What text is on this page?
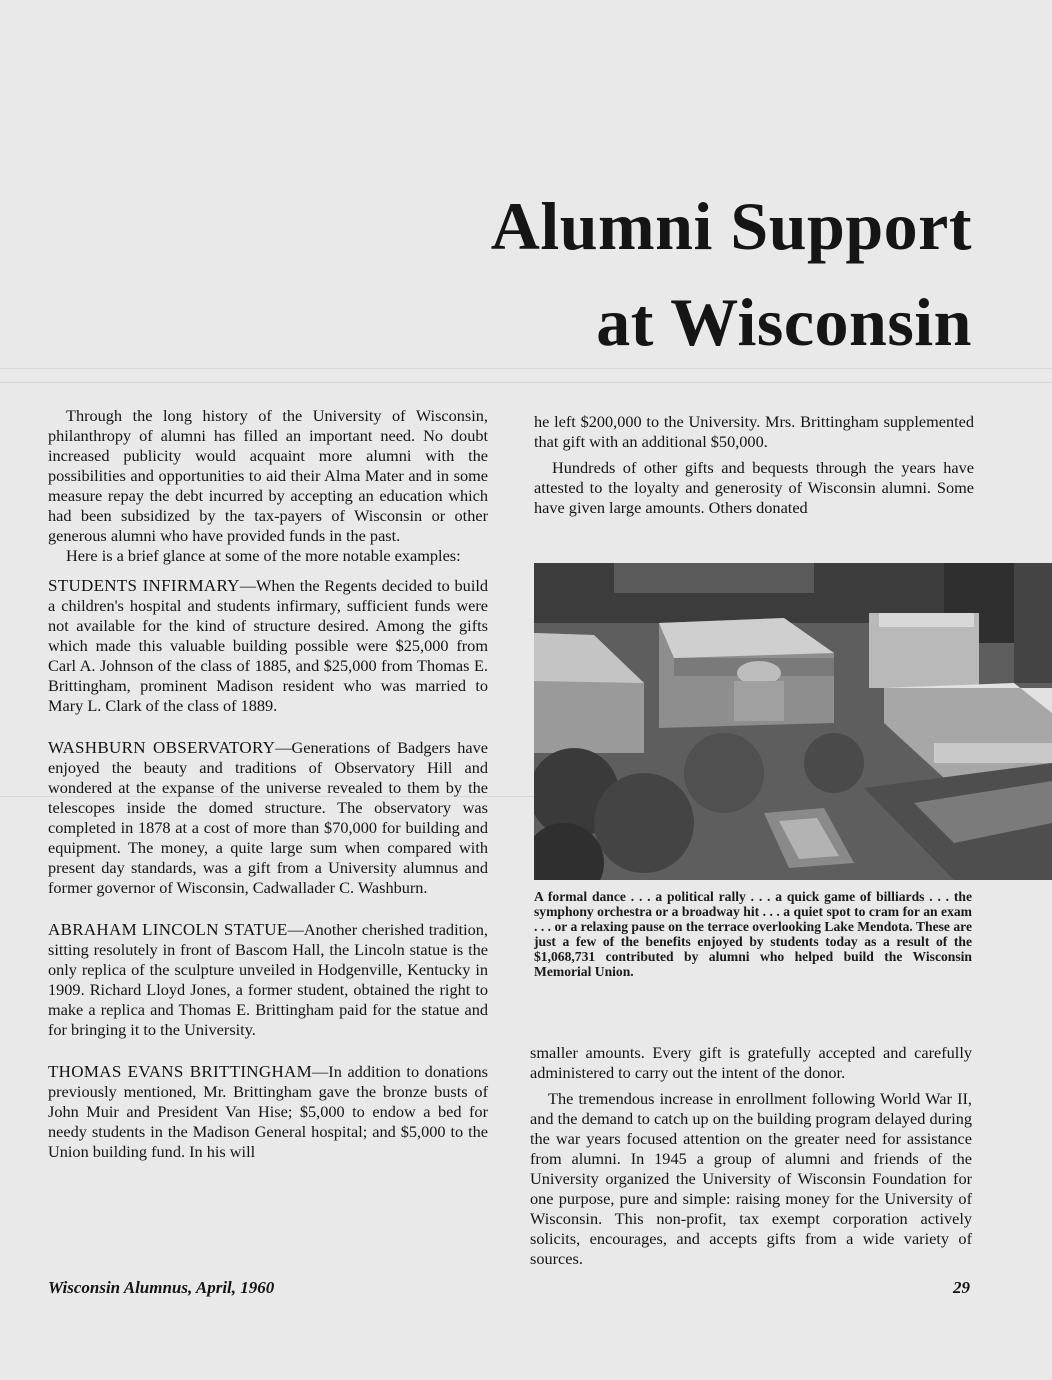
Alumni Support
at Wisconsin

Through the long history of the University of Wisconsin, philanthropy of alumni has filled an important need. No doubt increased publicity would acquaint more alumni with the possibilities and opportunities to aid their Alma Mater and in some measure repay the debt incurred by accepting an education which had been subsidized by the tax-payers of Wisconsin or other generous alumni who have provided funds in the past.

Here is a brief glance at some of the more notable examples:

STUDENTS INFIRMARY—When the Regents decided to build a children's hospital and students infirmary, sufficient funds were not available for the kind of structure desired. Among the gifts which made this valuable building possible were $25,000 from Carl A. Johnson of the class of 1885, and $25,000 from Thomas E. Brittingham, prominent Madison resident who was married to Mary L. Clark of the class of 1889.

WASHBURN OBSERVATORY—Generations of Badgers have enjoyed the beauty and traditions of Observatory Hill and wondered at the expanse of the universe revealed to them by the telescopes inside the domed structure. The observatory was completed in 1878 at a cost of more than $70,000 for building and equipment. The money, a quite large sum when compared with present day standards, was a gift from a University alumnus and former governor of Wisconsin, Cadwallader C. Washburn.

ABRAHAM LINCOLN STATUE—Another cherished tradition, sitting resolutely in front of Bascom Hall, the Lincoln statue is the only replica of the sculpture unveiled in Hodgenville, Kentucky in 1909. Richard Lloyd Jones, a former student, obtained the right to make a replica and Thomas E. Brittingham paid for the statue and for bringing it to the University.

THOMAS EVANS BRITTINGHAM—In addition to donations previously mentioned, Mr. Brittingham gave the bronze busts of John Muir and President Van Hise; $5,000 to endow a bed for needy students in the Madison General hospital; and $5,000 to the Union building fund. In his will

he left $200,000 to the University. Mrs. Brittingham supplemented that gift with an additional $50,000.

Hundreds of other gifts and bequests through the years have attested to the loyalty and generosity of Wisconsin alumni. Some have given large amounts. Others donated

A formal dance . . . a political rally . . . a quick game of billiards . . . the symphony orchestra or a broadway hit . . . a quiet spot to cram for an exam . . . or a relaxing pause on the terrace overlooking Lake Mendota. These are just a few of the benefits enjoyed by students today as a result of the $1,068,731 contributed by alumni who helped build the Wisconsin Memorial Union.

smaller amounts. Every gift is gratefully accepted and carefully administered to carry out the intent of the donor.

The tremendous increase in enrollment following World War II, and the demand to catch up on the building program delayed during the war years focused attention on the greater need for assistance from alumni. In 1945 a group of alumni and friends of the University organized the University of Wisconsin Foundation for one purpose, pure and simple: raising money for the University of Wisconsin. This non-profit, tax exempt corporation actively solicits, encourages, and accepts gifts from a wide variety of sources.

Wisconsin Alumnus, April, 1960	29
